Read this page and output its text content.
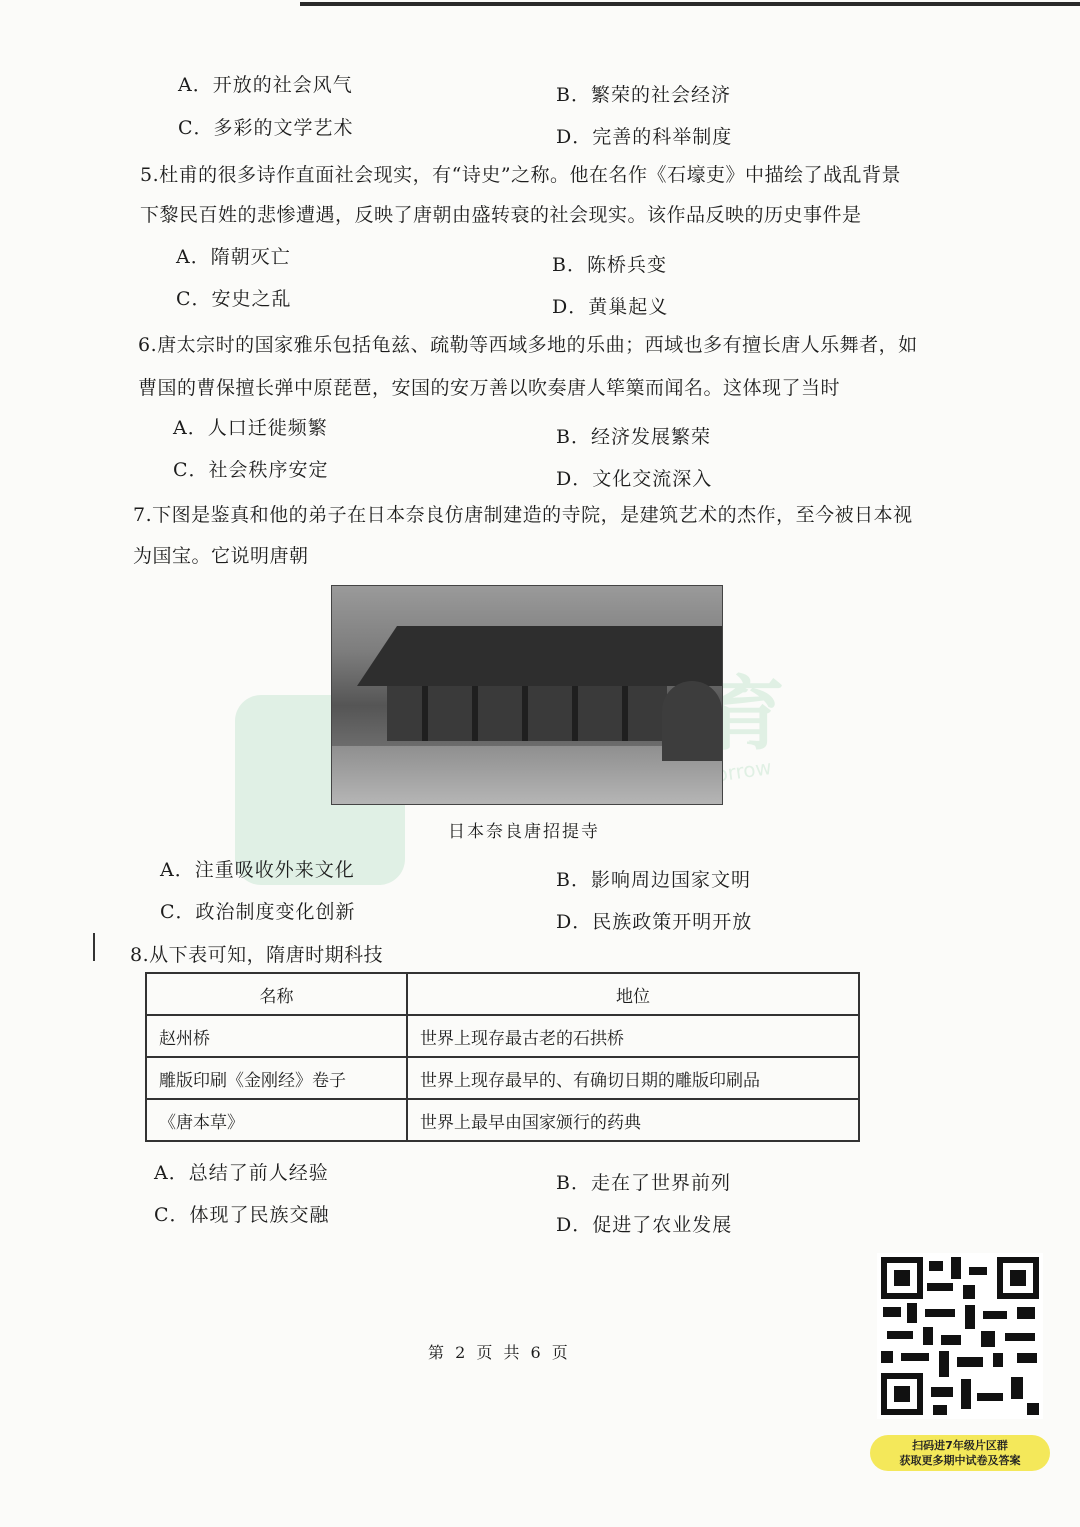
育
Tomorrow
A．开放的社会风气	B．繁荣的社会经济
C．多彩的文学艺术	D．完善的科举制度
5.杜甫的很多诗作直面社会现实，有“诗史”之称。他在名作《石壕吏》中描绘了战乱背景
下黎民百姓的悲惨遭遇，反映了唐朝由盛转衰的社会现实。该作品反映的历史事件是
A．隋朝灭亡	B．陈桥兵变
C．安史之乱	D．黄巢起义
6.唐太宗时的国家雅乐包括龟兹、疏勒等西域多地的乐曲；西域也多有擅长唐人乐舞者，如
曹国的曹保擅长弹中原琵琶，安国的安万善以吹奏唐人筚篥而闻名。这体现了当时
A．人口迁徙频繁	B．经济发展繁荣
C．社会秩序安定	D．文化交流深入
7.下图是鉴真和他的弟子在日本奈良仿唐制建造的寺院，是建筑艺术的杰作，至今被日本视
为国宝。它说明唐朝
日本奈良唐招提寺
A．注重吸收外来文化	B．影响周边国家文明
C．政治制度变化创新	D．民族政策开明开放
8.从下表可知，隋唐时期科技
名称	地位
赵州桥	世界上现存最古老的石拱桥
雕版印刷《金刚经》卷子	世界上现存最早的、有确切日期的雕版印刷品
《唐本草》	世界上最早由国家颁行的药典
A．总结了前人经验	B．走在了世界前列
C．体现了民族交融	D．促进了农业发展
第 2 页 共 6 页
扫码进7年级片区群
获取更多期中试卷及答案
